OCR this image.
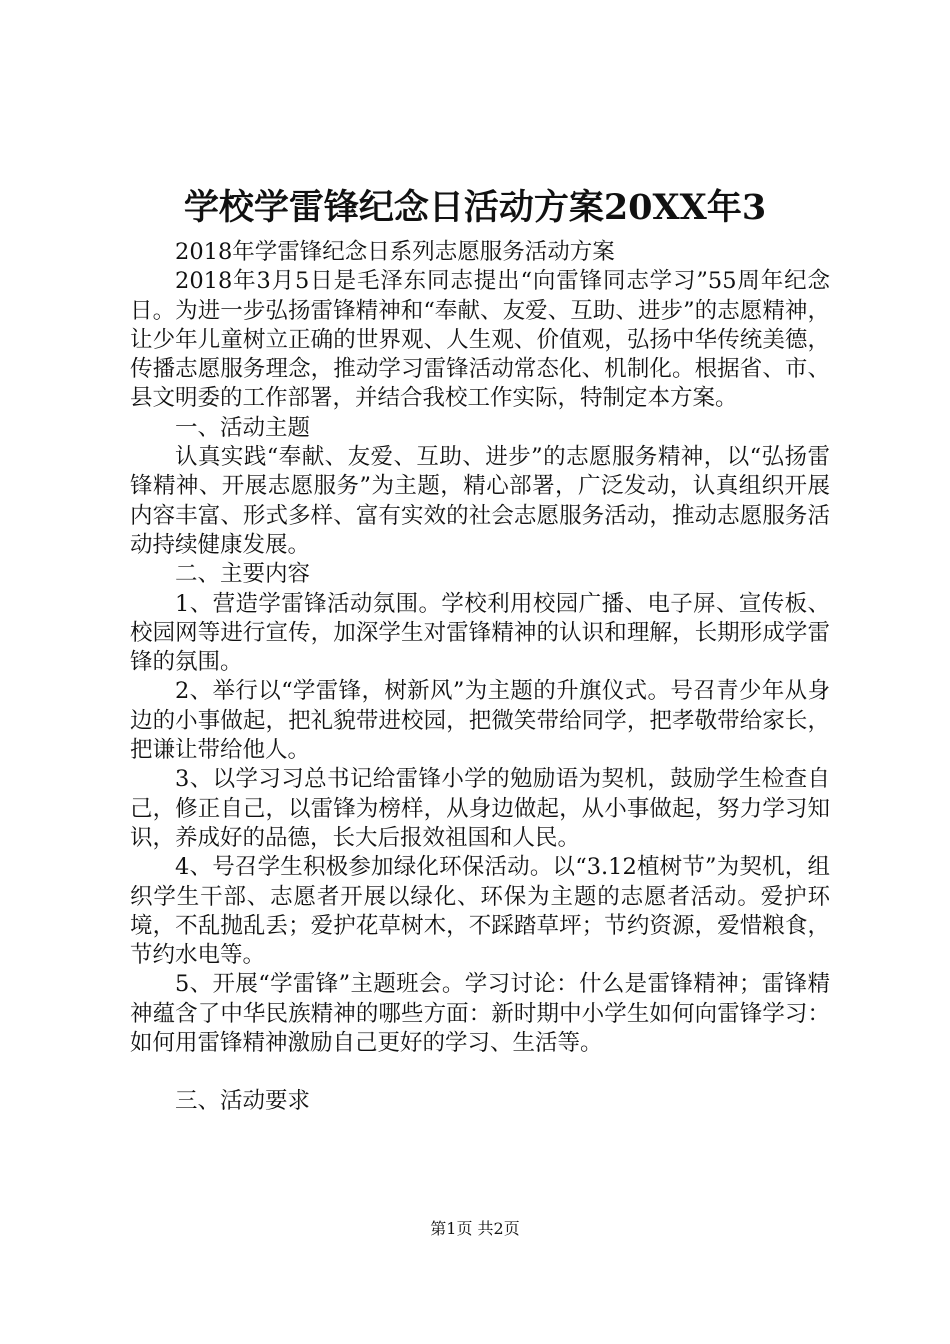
学校学雷锋纪念日活动方案20XX年3

2018年学雷锋纪念日系列志愿服务活动方案

2018年3月5日是毛泽东同志提出“向雷锋同志学习”55周年纪念日。为进一步弘扬雷锋精神和“奉献、友爱、互助、进步”的志愿精神，让少年儿童树立正确的世界观、人生观、价值观，弘扬中华传统美德，传播志愿服务理念，推动学习雷锋活动常态化、机制化。根据省、市、县文明委的工作部署，并结合我校工作实际，特制定本方案。

一、活动主题

认真实践“奉献、友爱、互助、进步”的志愿服务精神，以“弘扬雷锋精神、开展志愿服务”为主题，精心部署，广泛发动，认真组织开展内容丰富、形式多样、富有实效的社会志愿服务活动，推动志愿服务活动持续健康发展。

二、主要内容

1、营造学雷锋活动氛围。学校利用校园广播、电子屏、宣传板、校园网等进行宣传，加深学生对雷锋精神的认识和理解，长期形成学雷锋的氛围。

2、举行以“学雷锋，树新风”为主题的升旗仪式。号召青少年从身边的小事做起，把礼貌带进校园，把微笑带给同学，把孝敬带给家长，把谦让带给他人。

3、以学习习总书记给雷锋小学的勉励语为契机，鼓励学生检查自己，修正自己，以雷锋为榜样，从身边做起，从小事做起，努力学习知识，养成好的品德，长大后报效祖国和人民。

4、号召学生积极参加绿化环保活动。以“3.12植树节”为契机，组织学生干部、志愿者开展以绿化、环保为主题的志愿者活动。爱护环境，不乱抛乱丢；爱护花草树木，不踩踏草坪；节约资源，爱惜粮食，节约水电等。

5、开展“学雷锋”主题班会。学习讨论：什么是雷锋精神；雷锋精神蕴含了中华民族精神的哪些方面：新时期中小学生如何向雷锋学习：如何用雷锋精神激励自己更好的学习、生活等。

三、活动要求

第1页 共2页
